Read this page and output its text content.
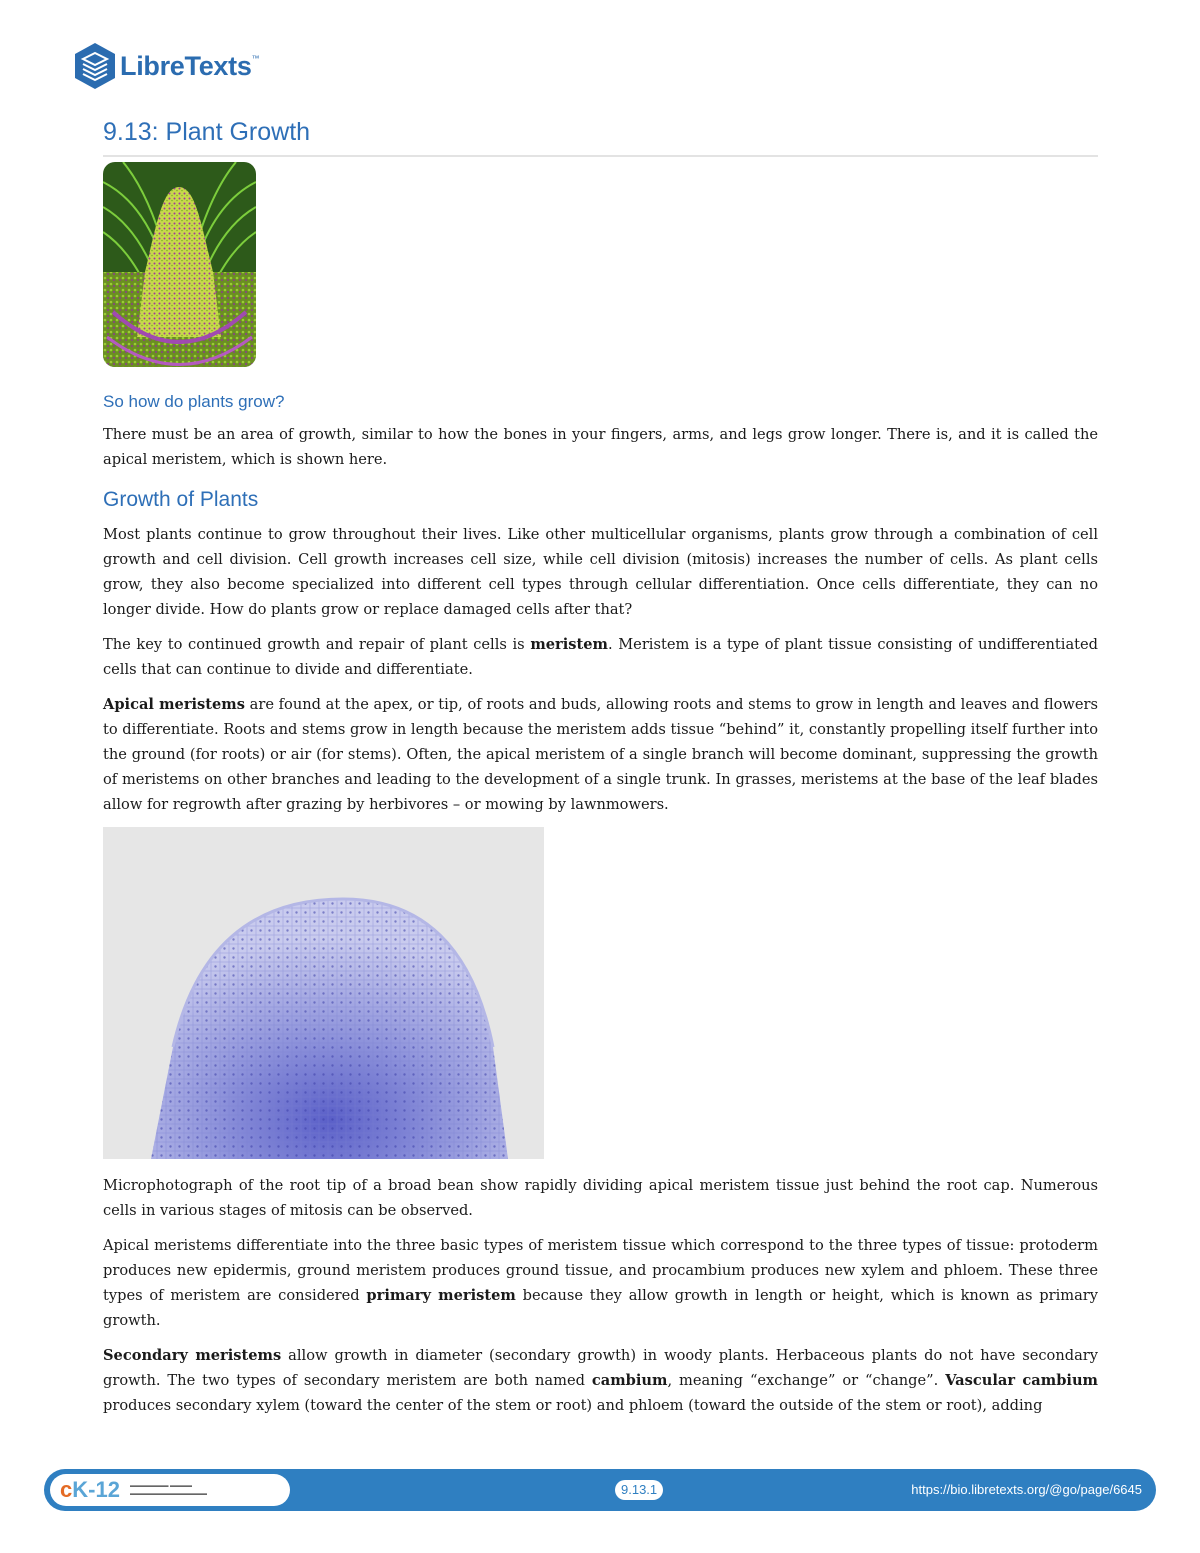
LibreTexts ™
9.13: Plant Growth
So how do plants grow?

There must be an area of growth, similar to how the bones in your fingers, arms, and legs grow longer. There is, and it is called the apical meristem, which is shown here.

Growth of Plants

Most plants continue to grow throughout their lives. Like other multicellular organisms, plants grow through a combination of cell growth and cell division. Cell growth increases cell size, while cell division (mitosis) increases the number of cells. As plant cells grow, they also become specialized into different cell types through cellular differentiation. Once cells differentiate, they can no longer divide. How do plants grow or replace damaged cells after that?

The key to continued growth and repair of plant cells is meristem. Meristem is a type of plant tissue consisting of undifferentiated cells that can continue to divide and differentiate.

Apical meristems are found at the apex, or tip, of roots and buds, allowing roots and stems to grow in length and leaves and flowers to differentiate. Roots and stems grow in length because the meristem adds tissue “behind” it, constantly propelling itself further into the ground (for roots) or air (for stems). Often, the apical meristem of a single branch will become dominant, suppressing the growth of meristems on other branches and leading to the development of a single trunk. In grasses, meristems at the base of the leaf blades allow for regrowth after grazing by herbivores – or mowing by lawnmowers.

Microphotograph of the root tip of a broad bean show rapidly dividing apical meristem tissue just behind the root cap. Numerous cells in various stages of mitosis can be observed.

Apical meristems differentiate into the three basic types of meristem tissue which correspond to the three types of tissue: protoderm produces new epidermis, ground meristem produces ground tissue, and procambium produces new xylem and phloem. These three types of meristem are considered primary meristem because they allow growth in length or height, which is known as primary growth.

Secondary meristems allow growth in diameter (secondary growth) in woody plants. Herbaceous plants do not have secondary growth. The two types of secondary meristem are both named cambium, meaning “exchange” or “change”. Vascular cambium produces secondary xylem (toward the center of the stem or root) and phloem (toward the outside of the stem or root), adding

cK-12 ▬▬▬▬▬▬▬ ▬▬▬▬
▬▬▬▬▬▬▬▬▬▬▬▬▬▬	9.13.1	https://bio.libretexts.org/@go/page/6645
